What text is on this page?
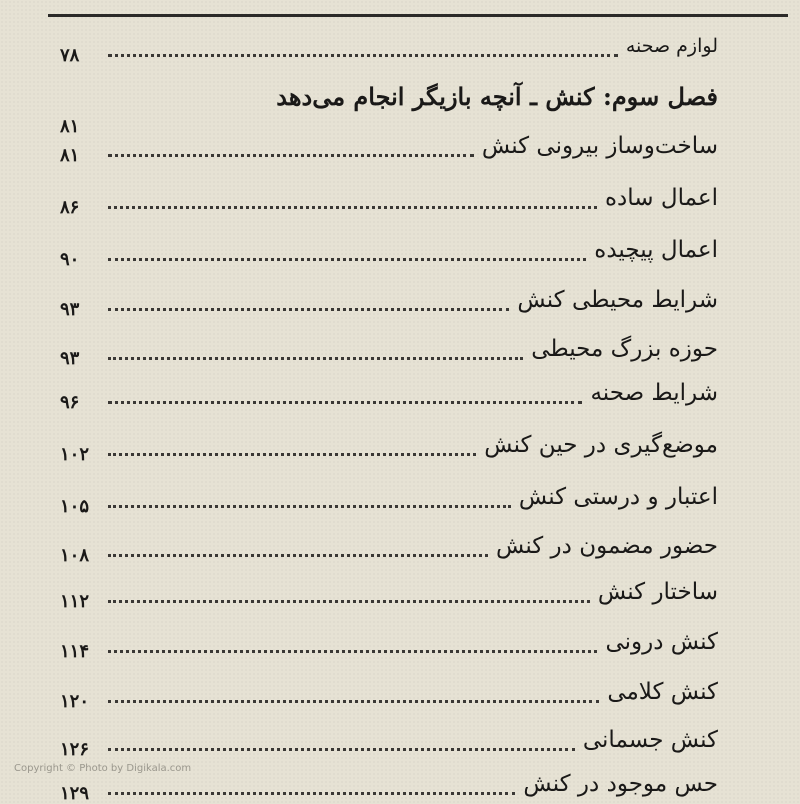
لوازم صحنه
۷۸
فصل سوم: کنش ـ آنچه بازیگر انجام می‌دهد
۸۱
ساخت‌وساز بیرونی کنش
۸۱
اعمال ساده
۸۶
اعمال پیچیده
۹۰
شرایط محیطی کنش
۹۳
حوزه بزرگ محیطی
۹۳
شرایط صحنه
۹۶
موضع‌گیری در حین کنش
۱۰۲
اعتبار و درستی کنش
۱۰۵
حضور مضمون در کنش
۱۰۸
ساختار کنش
۱۱۲
کنش درونی
۱۱۴
کنش کلامی
۱۲۰
کنش جسمانی
۱۲۶
حس موجود در کنش
۱۲۹
Copyright © Photo by Digikala.com
